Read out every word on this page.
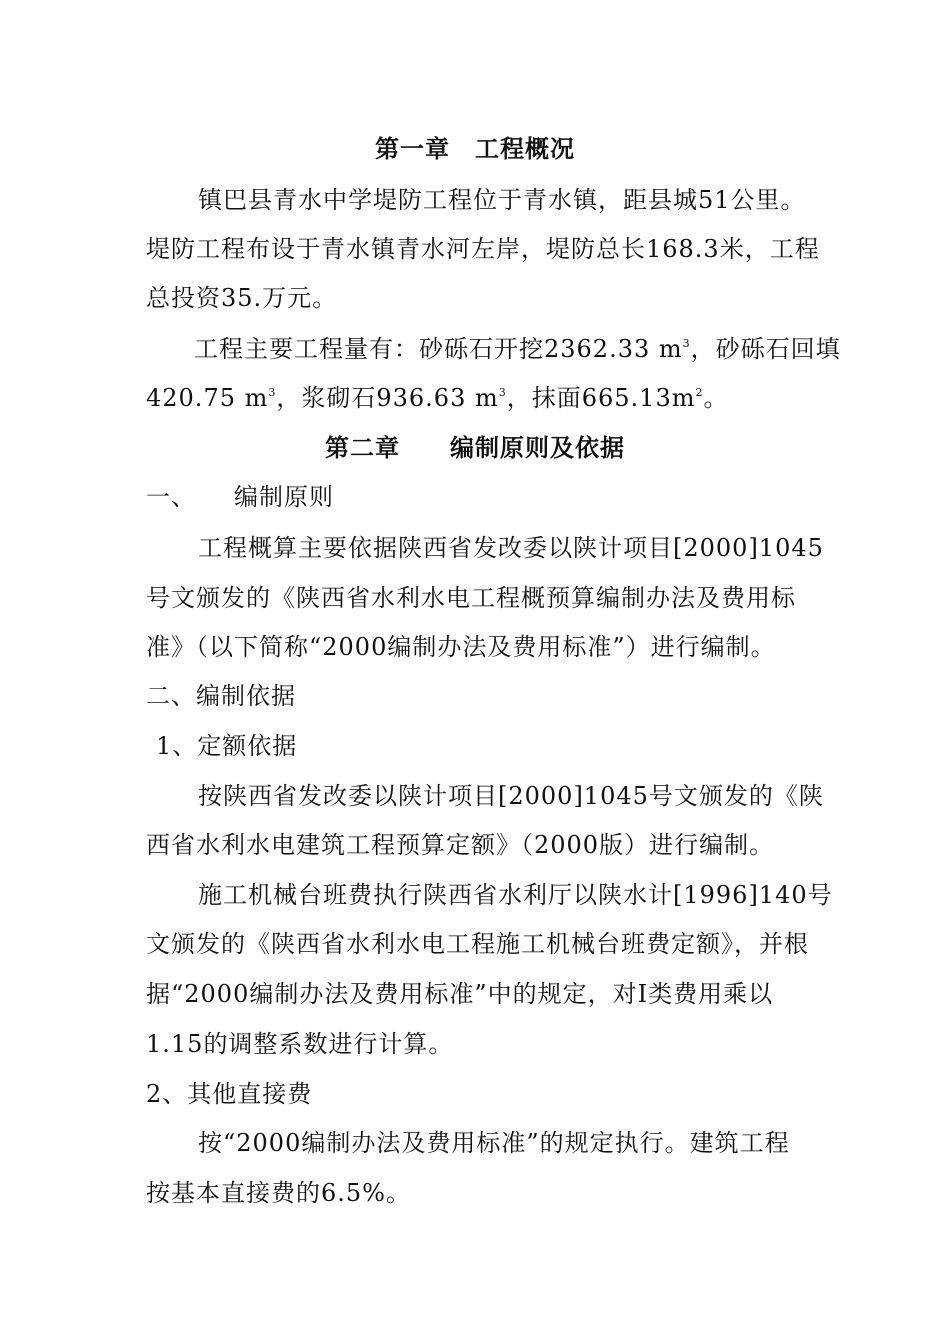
第一章　工程概况
镇巴县青水中学堤防工程位于青水镇，距县城51公里。
堤防工程布设于青水镇青水河左岸，堤防总长168.3米，工程
总投资35.万元。
工程主要工程量有：砂砾石开挖2362.33 $m^3$，砂砾石回填
420.75 $m^3$，浆砌石936.63 $m^3$，抹面$665.13m^2$。
第二章　　编制原则及依据
一、　　编制原则
工程概算主要依据陕西省发改委以陕计项目[2000]1045
号文颁发的《陕西省水利水电工程概预算编制办法及费用标
准》（以下简称“2000编制办法及费用标准”）进行编制。
二、编制依据
1、定额依据
按陕西省发改委以陕计项目[2000]1045号文颁发的《陕
西省水利水电建筑工程预算定额》（2000版）进行编制。
施工机械台班费执行陕西省水利厅以陕水计[1996]140号
文颁发的《陕西省水利水电工程施工机械台班费定额》，并根
据“2000编制办法及费用标准”中的规定，对Ⅰ类费用乘以
1.15的调整系数进行计算。
2、其他直接费
按“2000编制办法及费用标准”的规定执行。建筑工程
按基本直接费的6.5%。
